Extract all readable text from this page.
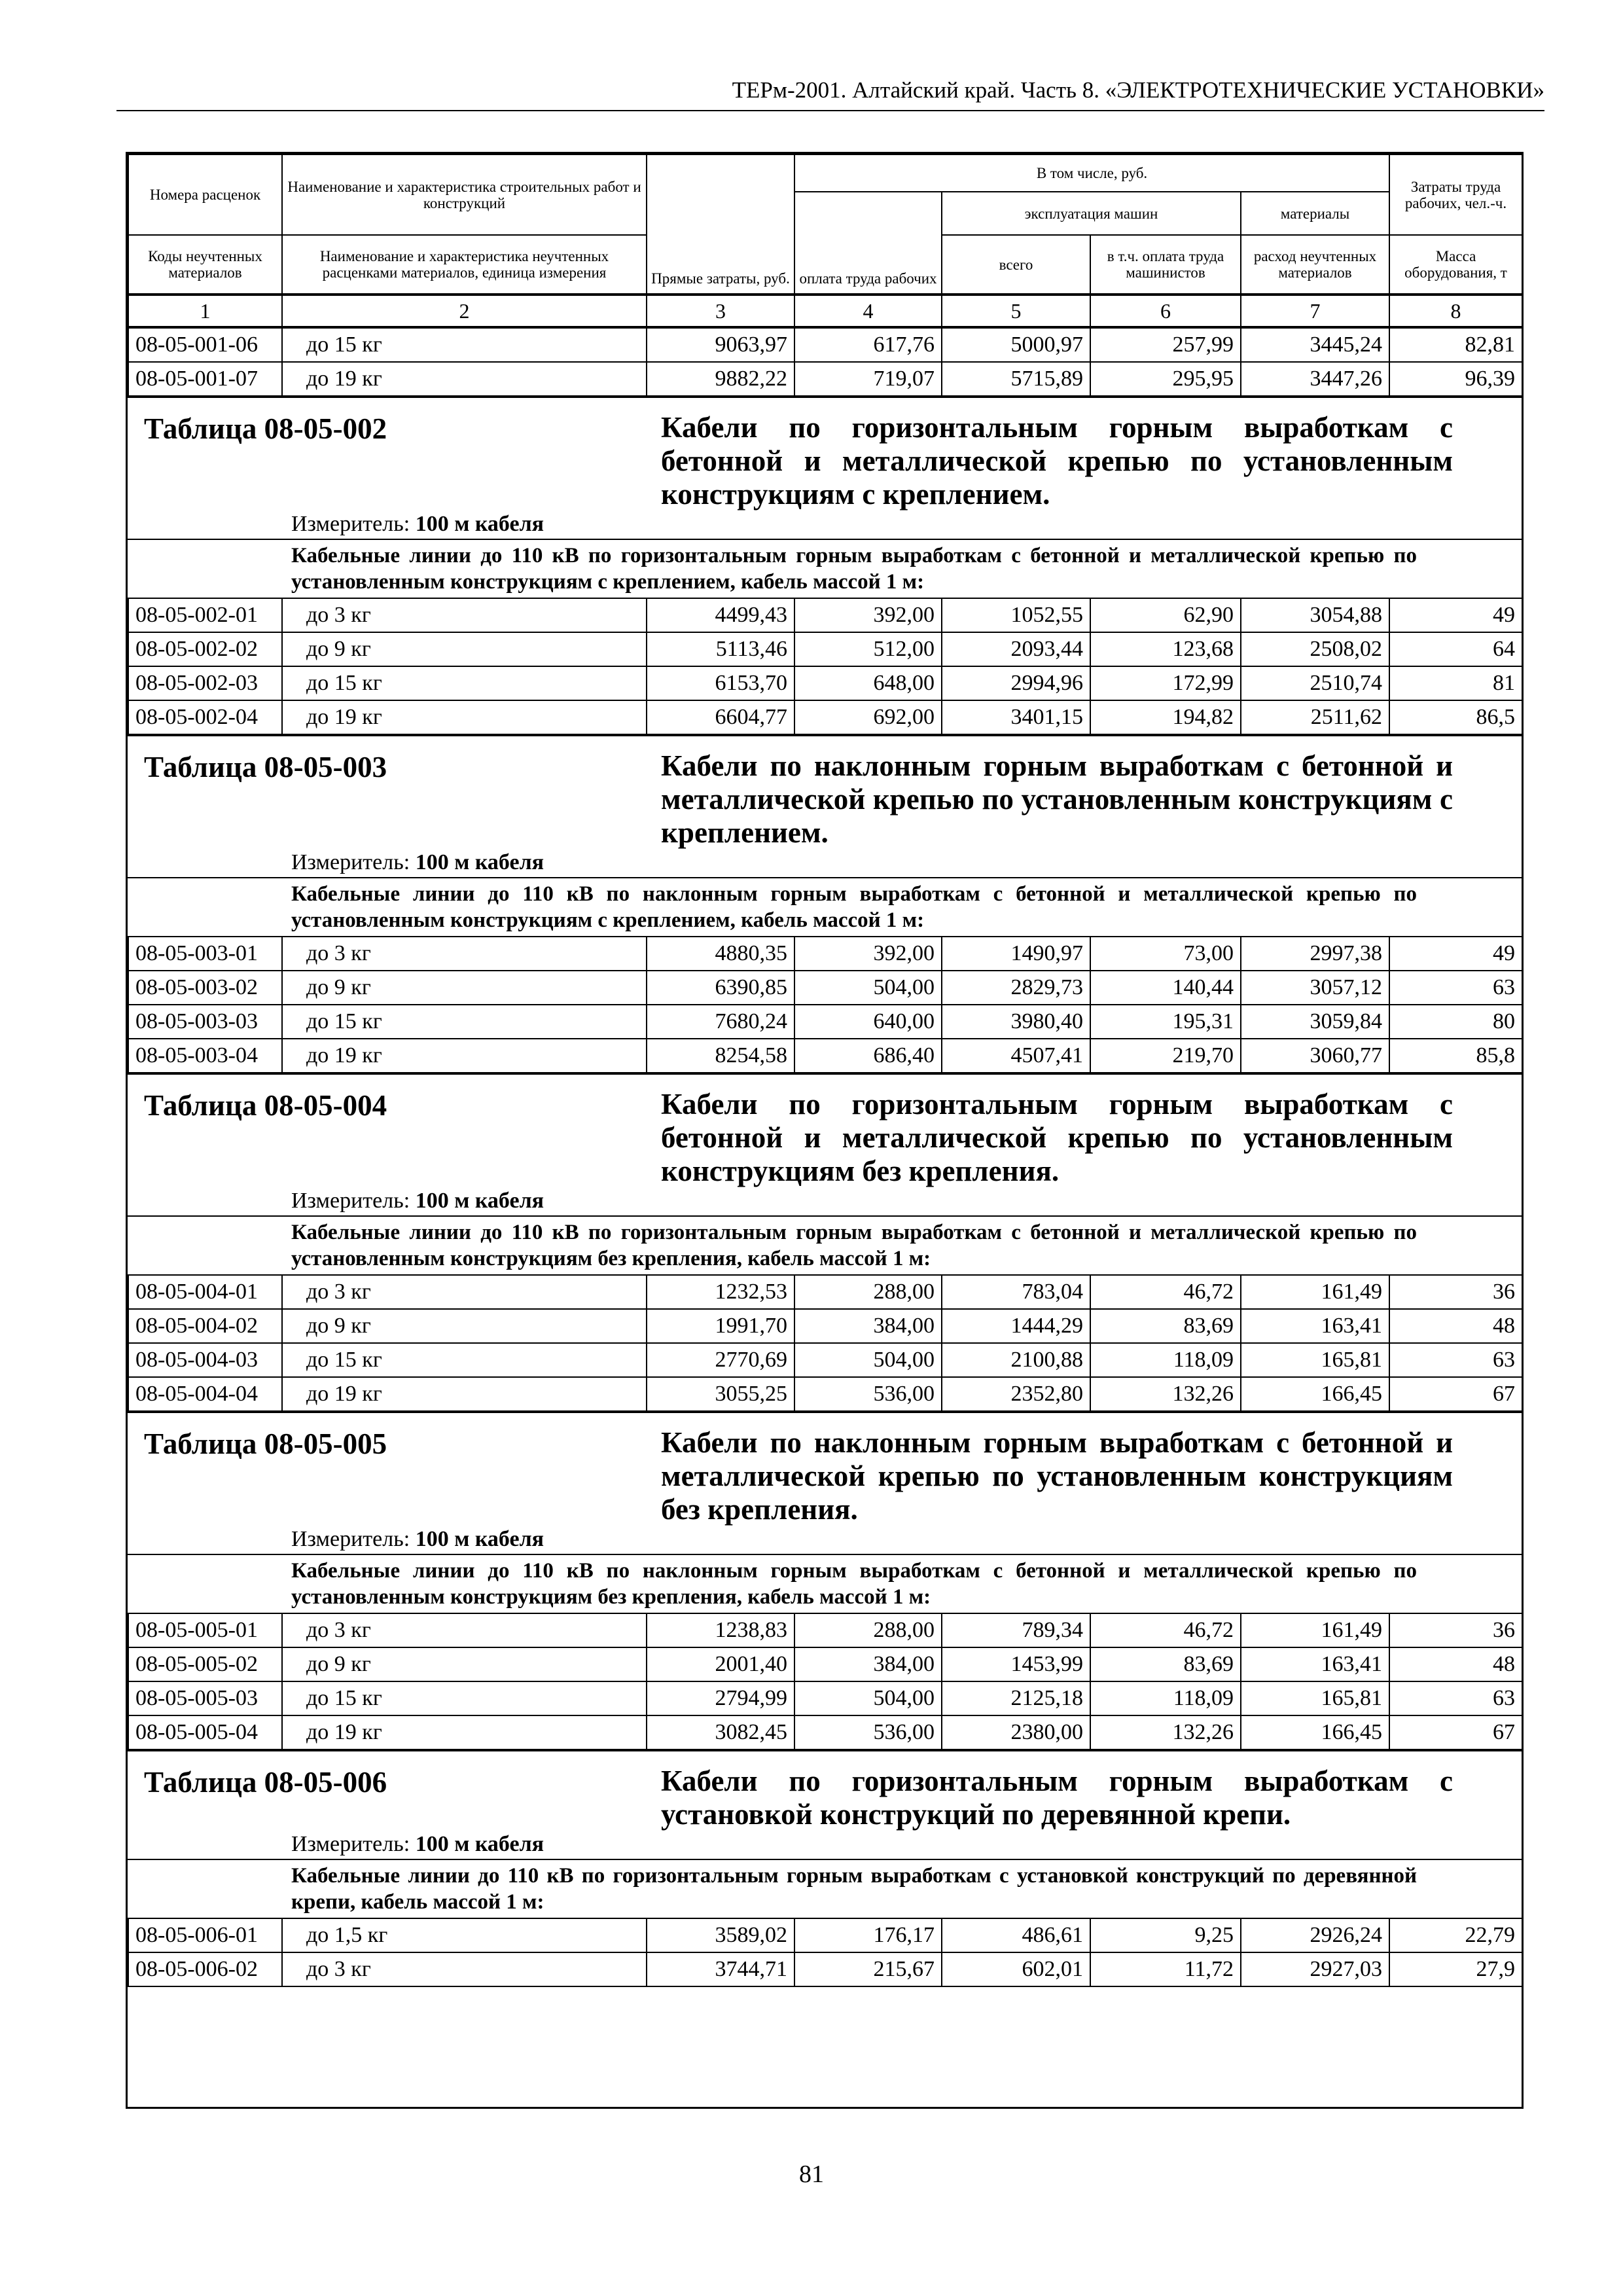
ТЕРм-2001. Алтайский край. Часть 8. «ЭЛЕКТРОТЕХНИЧЕСКИЕ УСТАНОВКИ»
Номера расценок	Наименование и характеристика строительных работ и конструкций	Прямые затраты, руб.	В том числе, руб.				Затраты труда рабочих, чел.-ч.
			оплата труда рабочих	эксплуатация машин		материалы	
Коды неучтенных материалов	Наименование и характеристика неучтенных расценками материалов, единица измерения			всего	в т.ч. оплата труда машинистов	расход неучтенных материалов	Масса оборудования, т
1	2	3	4	5	6	7	8
08-05-001-06	до 15 кг	9063,97	617,76	5000,97	257,99	3445,24	82,81
08-05-001-07	до 19 кг	9882,22	719,07	5715,89	295,95	3447,26	96,39
Таблица 08-05-002	Кабели по горизонтальным горным выработкам с бетонной и металлической крепью по установленным конструкциям с креплением.
Измеритель: 100 м кабеля
Кабельные линии до 110 кВ по горизонтальным горным выработкам с бетонной и металлической крепью по установленным конструкциям с креплением, кабель массой 1 м:
08-05-002-01	до 3 кг	4499,43	392,00	1052,55	62,90	3054,88	49
08-05-002-02	до 9 кг	5113,46	512,00	2093,44	123,68	2508,02	64
08-05-002-03	до 15 кг	6153,70	648,00	2994,96	172,99	2510,74	81
08-05-002-04	до 19 кг	6604,77	692,00	3401,15	194,82	2511,62	86,5
Таблица 08-05-003	Кабели по наклонным горным выработкам с бетонной и металлической крепью по установленным конструкциям с креплением.
Измеритель: 100 м кабеля
Кабельные линии до 110 кВ по наклонным горным выработкам с бетонной и металлической крепью по установленным конструкциям с креплением, кабель массой 1 м:
08-05-003-01	до 3 кг	4880,35	392,00	1490,97	73,00	2997,38	49
08-05-003-02	до 9 кг	6390,85	504,00	2829,73	140,44	3057,12	63
08-05-003-03	до 15 кг	7680,24	640,00	3980,40	195,31	3059,84	80
08-05-003-04	до 19 кг	8254,58	686,40	4507,41	219,70	3060,77	85,8
Таблица 08-05-004	Кабели по горизонтальным горным выработкам с бетонной и металлической крепью по установленным конструкциям без крепления.
Измеритель: 100 м кабеля
Кабельные линии до 110 кВ по горизонтальным горным выработкам с бетонной и металлической крепью по установленным конструкциям без крепления, кабель массой 1 м:
08-05-004-01	до 3 кг	1232,53	288,00	783,04	46,72	161,49	36
08-05-004-02	до 9 кг	1991,70	384,00	1444,29	83,69	163,41	48
08-05-004-03	до 15 кг	2770,69	504,00	2100,88	118,09	165,81	63
08-05-004-04	до 19 кг	3055,25	536,00	2352,80	132,26	166,45	67
Таблица 08-05-005	Кабели по наклонным горным выработкам с бетонной и металлической крепью по установленным конструкциям без крепления.
Измеритель: 100 м кабеля
Кабельные линии до 110 кВ по наклонным горным выработкам с бетонной и металлической крепью по установленным конструкциям без крепления, кабель массой 1 м:
08-05-005-01	до 3 кг	1238,83	288,00	789,34	46,72	161,49	36
08-05-005-02	до 9 кг	2001,40	384,00	1453,99	83,69	163,41	48
08-05-005-03	до 15 кг	2794,99	504,00	2125,18	118,09	165,81	63
08-05-005-04	до 19 кг	3082,45	536,00	2380,00	132,26	166,45	67
Таблица 08-05-006	Кабели по горизонтальным горным выработкам с установкой конструкций по деревянной крепи.
Измеритель: 100 м кабеля
Кабельные линии до 110 кВ по горизонтальным горным выработкам с установкой конструкций по деревянной крепи, кабель массой 1 м:
08-05-006-01	до 1,5 кг	3589,02	176,17	486,61	9,25	2926,24	22,79
08-05-006-02	до 3 кг	3744,71	215,67	602,01	11,72	2927,03	27,9
81
